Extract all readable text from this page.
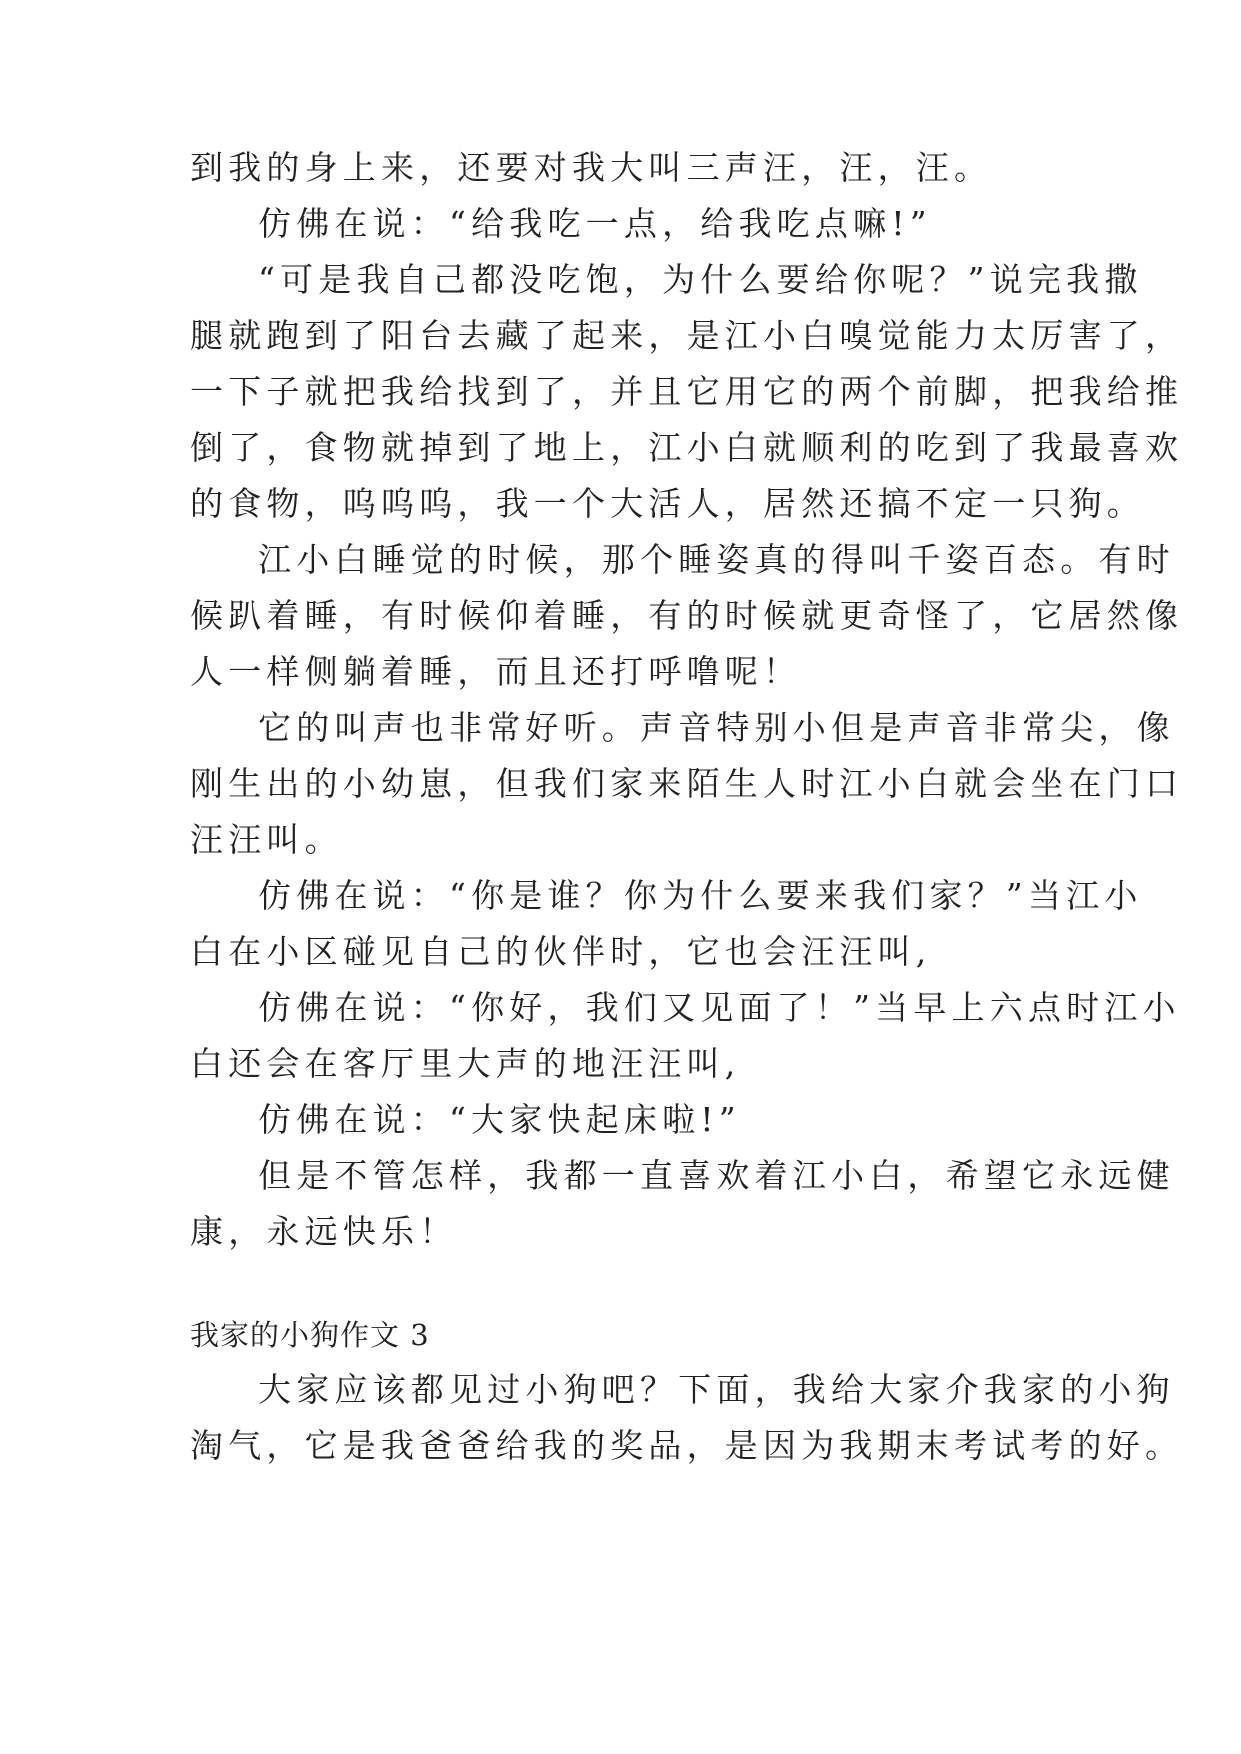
到我的身上来，还要对我大叫三声汪，汪，汪。
仿佛在说：“给我吃一点，给我吃点嘛!”
“可是我自己都没吃饱，为什么要给你呢？”说完我撒
腿就跑到了阳台去藏了起来，是江小白嗅觉能力太厉害了，
一下子就把我给找到了，并且它用它的两个前脚，把我给推
倒了，食物就掉到了地上，江小白就顺利的吃到了我最喜欢
的食物，呜呜呜，我一个大活人，居然还搞不定一只狗。
江小白睡觉的时候，那个睡姿真的得叫千姿百态。有时
候趴着睡，有时候仰着睡，有的时候就更奇怪了，它居然像
人一样侧躺着睡，而且还打呼噜呢！
它的叫声也非常好听。声音特别小但是声音非常尖，像
刚生出的小幼崽，但我们家来陌生人时江小白就会坐在门口
汪汪叫。
仿佛在说：“你是谁？你为什么要来我们家？”当江小
白在小区碰见自己的伙伴时，它也会汪汪叫,
仿佛在说：“你好，我们又见面了！”当早上六点时江小
白还会在客厅里大声的地汪汪叫,
仿佛在说：“大家快起床啦!”
但是不管怎样，我都一直喜欢着江小白，希望它永远健
康，永远快乐！
我家的小狗作文 3
大家应该都见过小狗吧？下面，我给大家介我家的小狗
淘气，它是我爸爸给我的奖品，是因为我期末考试考的好。
